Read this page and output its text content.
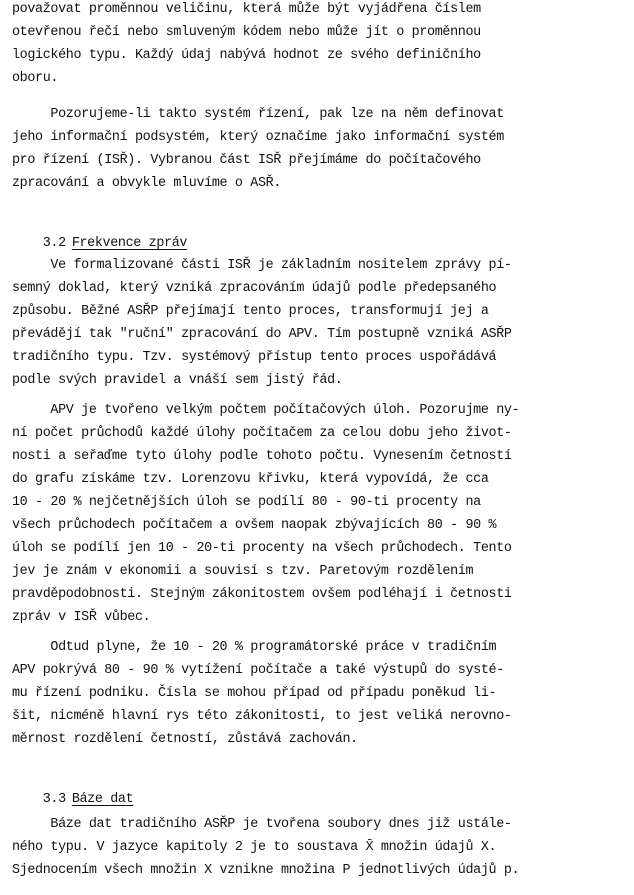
považovat proměnnou veličinu, která může být vyjádřena číslem
otevřenou řečí nebo smluveným kódem nebo může jít o proměnnou
logického typu. Každý údaj nabývá hodnot ze svého definičního
oboru.
Pozorujeme-li takto systém řízení, pak lze na něm definovat
jeho informační podsystém, který označíme jako informační systém
pro řízení (ISŘ). Vybranou část ISŘ přejímáme do počítačového
zpracování a obvykle mluvíme o ASŘ.

3.2 Frekvence zpráv

Ve formalizované části ISŘ je základním nositelem zprávy pí-
semný doklad, který vzniká zpracováním údajů podle předepsaného
způsobu. Běžné ASŘP přejímají tento proces, transformují jej a
převádějí tak "ruční" zpracování do APV. Tím postupně vzniká ASŘP
tradičního typu. Tzv. systémový přístup tento proces uspořádává
podle svých pravidel a vnáší sem jistý řád.
APV je tvořeno velkým počtem počítačových úloh. Pozorujme ny-
ní počet průchodů každé úlohy počítačem za celou dobu jeho život-
nosti a seřaďme tyto úlohy podle tohoto počtu. Vynesením četností
do grafu získáme tzv. Lorenzovu křivku, která vypovídá, že cca
10 - 20 % nejčetnějších úloh se podílí 80 - 90-ti procenty na
všech průchodech počítačem a ovšem naopak zbývajících 80 - 90 %
úloh se podílí jen 10 - 20-ti procenty na všech průchodech. Tento
jev je znám v ekonomii a souvisí s tzv. Paretovým rozdělením
pravděpodobnosti. Stejným zákonitostem ovšem podléhají i četnosti
zpráv v ISŘ vůbec.
Odtud plyne, že 10 - 20 % programátorské práce v tradičním
APV pokrývá 80 - 90 % vytížení počítače a také výstupů do systé-
mu řízení podniku. Čísla se mohou případ od případu poněkud li-
šit, nicméně hlavní rys této zákonitosti, to jest veliká nerovno-
měrnost rozdělení četností, zůstává zachován.

3.3 Báze dat

Báze dat tradičního ASŘP je tvořena soubory dnes již ustále-
ného typu. V jazyce kapitoly 2 je to soustava X̄ množin údajů X.
Sjednocením všech množin X vznikne množina P jednotlivých údajů p.
